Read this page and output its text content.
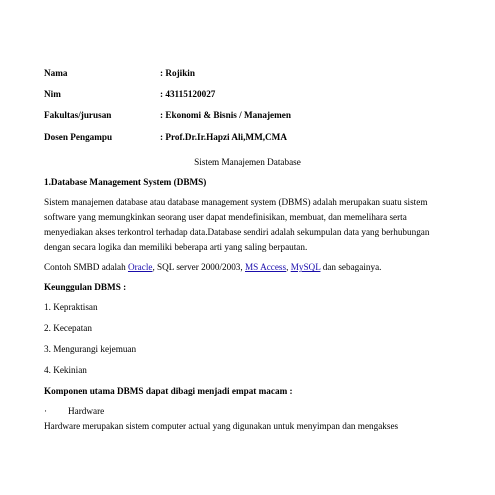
Nama	: Rojikin
Nim	: 43115120027
Fakultas/jurusan	: Ekonomi & Bisnis / Manajemen
Dosen Pengampu	: Prof.Dr.Ir.Hapzi Ali,MM,CMA
Sistem Manajemen Database
1.Database Management System (DBMS)
Sistem manajemen database atau database management system (DBMS) adalah merupakan suatu sistem
software yang memungkinkan seorang user dapat mendefinisikan, membuat, dan memelihara serta
menyediakan akses terkontrol terhadap data.Database sendiri adalah sekumpulan data yang berhubungan
dengan secara logika dan memiliki beberapa arti yang saling berpautan.
Contoh SMBD adalah Oracle, SQL server 2000/2003, MS Access, MySQL dan sebagainya.
Keunggulan DBMS :
1. Kepraktisan
2. Kecepatan
3. Mengurangi kejemuan
4. Kekinian
Komponen utama DBMS dapat dibagi menjadi empat macam :
· Hardware
Hardware merupakan sistem computer actual yang digunakan untuk menyimpan dan mengakses
